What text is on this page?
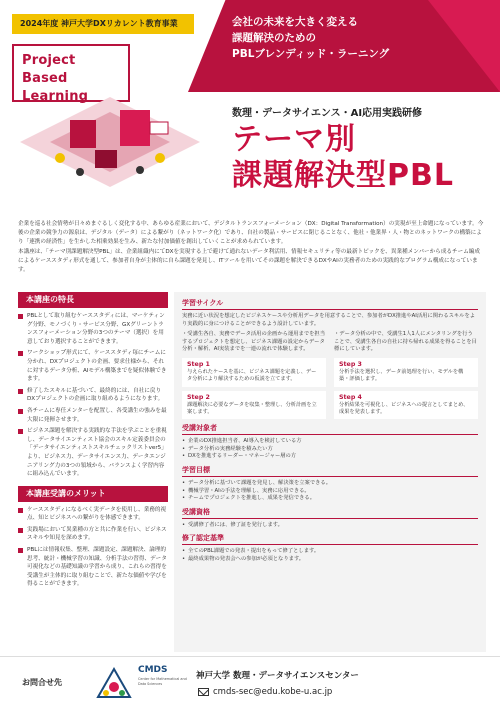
2024年度 神戸大学DXリカレント教育事業
Project
Based Learning
会社の未来を大きく変える
課題解決のための
PBLブレンディッド・ラーニング
数理・データサイエンス・AI応用実践研修
テーマ別
課題解決型PBL

企業を巡る社会情勢が日々めまぐるしく変化する中、あらゆる産業において、デジタルトランスフォーメーション（DX：Digital Transformation）の実現が至上命題になっています。今後の企業の競争力の源泉は、デジタル（データ）による繋がり（ネットワーク化）であり、自社の製品・サービスに閉じることなく、他社・他業界・人・物とのネットワークの構築により「連携の経済性」を生かした相乗効果を生み、新たな付加価値を創出していくことが求められています。

本講座は、「テーマ別課題解決型PBL」は、企業組織内にてDXを実現する上で避けて通れないデータ利活用、情報セキュリティ等の最新トピックを、異業種メンバーから成るチーム編成によるケーススタディ形式を通して、参加者自身が主体的に自ら課題を発見し、ITツールを用いてその課題を解決できるDXやAIの実務者のための実践的なプログラム構成になっています。

本講座の特長
PBLとして取り組むケーススタディには、マーケティング分野、モノづくり・サービス分野、GXグリーントランスフォーメーション分野の3つのテーマ（選択）を用意しており選択することができます。
ワークショップ形式にて、ケーススタディ毎にチームに分かれ、DXプロジェクトの企画、要求仕様から、それに対するデータ分析、AIモデル構築までを疑似体験できます。
修了したスキルに基づいて、最終的には、自社に戻りDXプロジェクトの企画に取り組めるようになります。
各チームに専任メンターを配置し、各受講生の強みを最大限に発揮させます。
ビジネス課題を解決する実践的な手法を学ぶことを重視し、データサイエンティスト協会のスキル定義委員会の「データサイエンティストスキルチェックリストver5」より、ビジネス力、データサイエンス力、データエンジニアリング力の3つの領域から、バランスよく学習内容に組み込んでいます。
本講座受講のメリット
ケーススタディになるべく実データを使用し、業務的視点、知とビジネスへの繋がりを体感できます。
実践場において異業種の方と共に作業を行い、ビジネススキルや知見を深めます。
PBLには情報収集、整理、課題設定、課題解決、論理的思考、統計・機械学習の知識、分析手法の習得、データ可視化などの基礎知識の学習から成り、これらの習得を受講生が主体的に取り組むことで、新たな価値や学びを得ることができます。
学習サイクル
実務に近い状況を想定したビジネスケースや分析用データを用意することで、参加者がDX推進やAI活用に関わるスキルをより実践的に身につけることができるよう設計しています。
・受講生各自、実務でデータ活用の企画から運用までを担当するプロジェクトを想定し、ビジネス課題の設定からデータ分析・解析、AI実装までを一連の流れで体験します。
・データ分析の中で、受講生1人1人にメンタリングを行うことで、受講生各自の自社に持ち帰れる成果を得ることを目標にしています。
Step 1
与えられたケースを基に、ビジネス課題を定義し、データ分析により解決するための仮説を立てます。
Step 3
分析手法を選択し、データ前処理を行い、モデルを構築・評価します。
Step 2
課題解決に必要なデータを収集・整理し、分析計画を立案します。
Step 4
分析結果を可視化し、ビジネスへの提言としてまとめ、成果を発表します。
受講対象者
• 企業のDX推進担当者、AI導入を検討している方
• データ分析の実務経験を積みたい方
• DXを推進するリーダー・マネージャー層の方
学習目標
• データ分析に基づいて課題を発見し、解決策を立案できる。
• 機械学習・AIの手法を理解し、実務に応用できる。
• チームでプロジェクトを推進し、成果を発信できる。
受講資格
• 受講修了者には、修了証を発行します。
修了認定基準
• 全てのPBL課題での発表・提出をもって修了とします。
• 最終成果物の発表会への参加が必須となります。
お問合せ先
CMDS
Center for Mathematical and Data Sciences
神戸大学 数理・データサイエンスセンター
cmds-sec@edu.kobe-u.ac.jp
